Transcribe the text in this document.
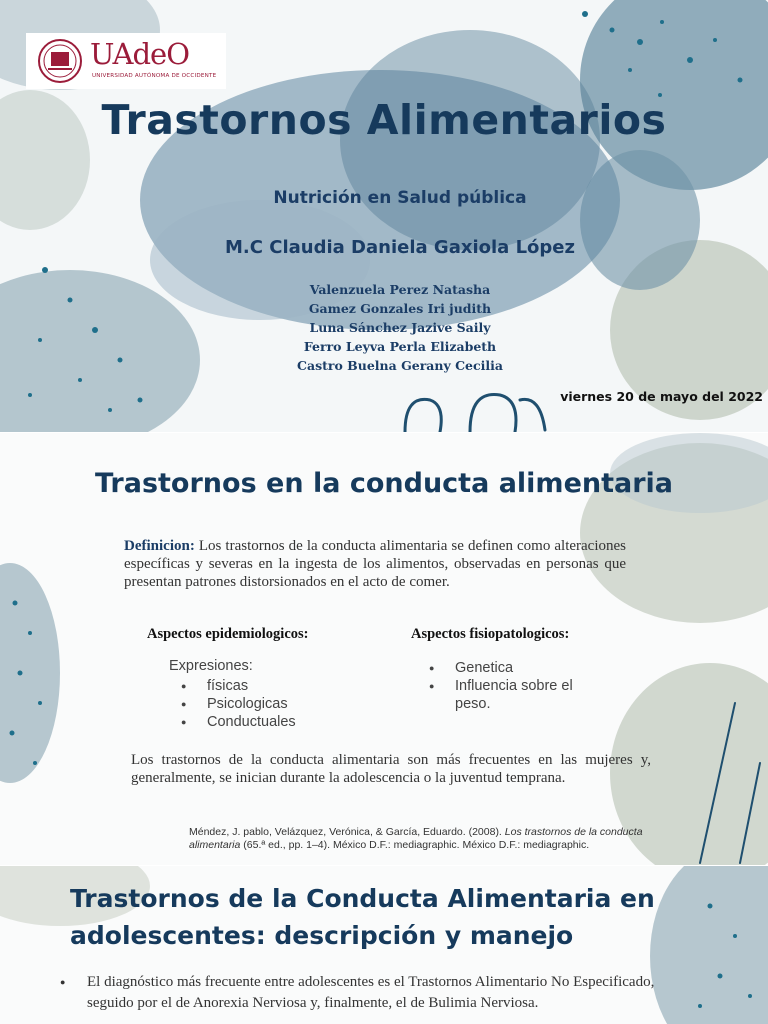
UAdeO
UNIVERSIDAD AUTÓNOMA DE OCCIDENTE
Trastornos Alimentarios
Nutrición en Salud pública
M.C Claudia Daniela Gaxiola López
Valenzuela Perez Natasha
Gamez Gonzales Iri judith
Luna Sánchez Jazive Saily
Ferro Leyva Perla Elizabeth
Castro Buelna Gerany Cecilia
viernes 20 de mayo del 2022
Trastornos en la conducta alimentaria

Definicion: Los trastornos de la conducta alimentaria se definen como alteraciones específicas y severas en la ingesta de los alimentos, observadas en personas que presentan patrones distorsionados en el acto de comer.

Aspectos epidemiologicos:	Aspectos fisiopatologicos:
Expresiones:
● físicas
● Psicologicas
● Conductuales
● Genetica
● Influencia sobre el peso.

Los trastornos de la conducta alimentaria son más frecuentes en las mujeres y, generalmente, se inician durante la adolescencia o la juventud temprana.

Méndez, J. pablo, Velázquez, Verónica, & García, Eduardo. (2008). Los trastornos de la conducta alimentaria (65.ª ed., pp. 1–4). México D.F.: mediagraphic. México D.F.: mediagraphic.

Trastornos de la Conducta Alimentaria en adolescentes: descripción y manejo
● El diagnóstico más frecuente entre adolescentes es el Trastornos Alimentario No Especificado, seguido por el de Anorexia Nerviosa y, finalmente, el de Bulimia Nerviosa.
